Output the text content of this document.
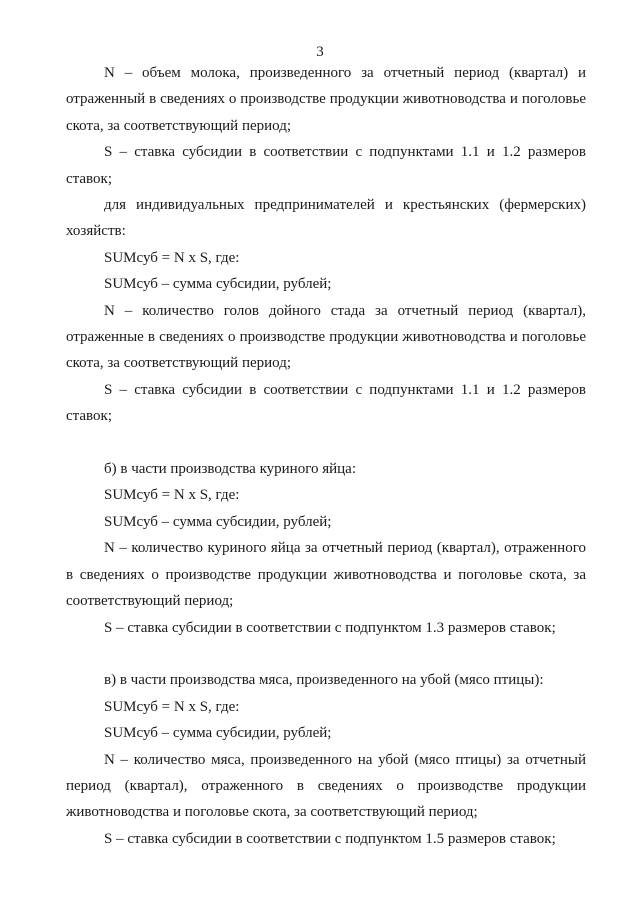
3

N – объем молока, произведенного за отчетный период (квартал) и отраженный в сведениях о производстве продукции животноводства и поголовье скота, за соответствующий период;

S – ставка субсидии в соответствии с подпунктами 1.1 и 1.2 размеров ставок;

для индивидуальных предпринимателей и крестьянских (фермерских) хозяйств:

SUMсуб = N x S, где:

SUMсуб – сумма субсидии, рублей;

N – количество голов дойного стада за отчетный период (квартал), отраженные в сведениях о производстве продукции животноводства и поголовье скота, за соответствующий период;

S – ставка субсидии в соответствии с подпунктами 1.1 и 1.2 размеров ставок;

б) в части производства куриного яйца:

SUMсуб = N x S, где:

SUMсуб – сумма субсидии, рублей;

N – количество куриного яйца за отчетный период (квартал), отраженного в сведениях о производстве продукции животноводства и поголовье скота, за соответствующий период;

S – ставка субсидии в соответствии с подпунктом 1.3 размеров ставок;

в) в части производства мяса, произведенного на убой (мясо птицы):

SUMсуб = N x S, где:

SUMсуб – сумма субсидии, рублей;

N – количество мяса, произведенного на убой (мясо птицы) за отчетный период (квартал), отраженного в сведениях о производстве продукции животноводства и поголовье скота, за соответствующий период;

S – ставка субсидии в соответствии с подпунктом 1.5 размеров ставок;
